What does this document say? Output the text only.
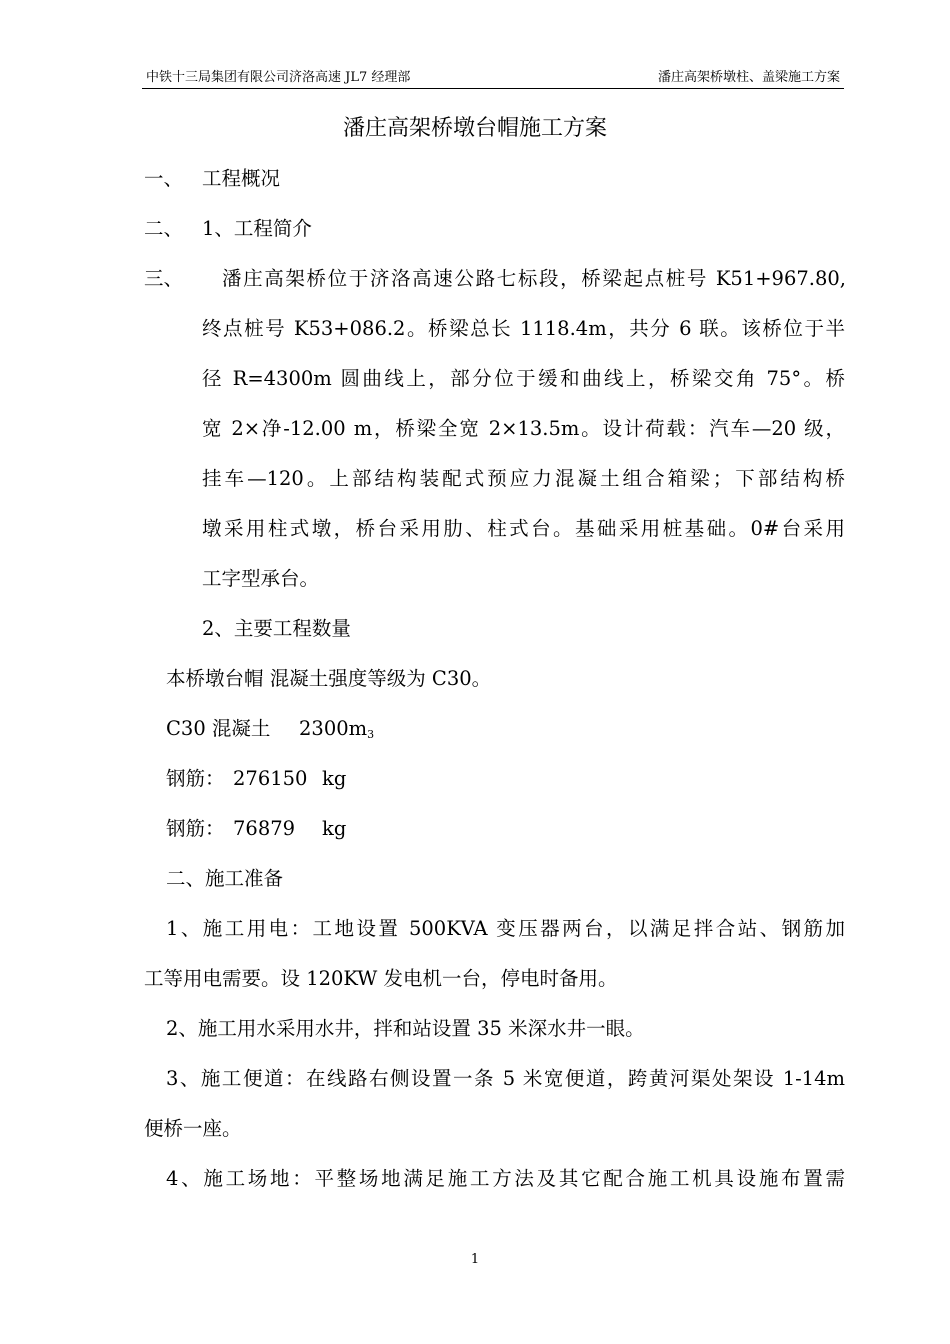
中铁十三局集团有限公司济洛高速 JL7 经理部	潘庄高架桥墩柱、盖梁施工方案
潘庄高架桥墩台帽施工方案
一、 工程概况
二、 1、工程简介
三、 潘庄高架桥位于济洛高速公路七标段，桥梁起点桩号 K51+967.80,
终点桩号 K53+086.2。桥梁总长 1118.4m，共分 6 联。该桥位于半
径 R=4300m 圆曲线上，部分位于缓和曲线上，桥梁交角 75°。桥
宽 2×净-12.00 m，桥梁全宽 2×13.5m。设计荷载：汽车—20 级，
挂车—120。上部结构装配式预应力混凝土组合箱梁；下部结构桥
墩采用柱式墩，桥台采用肋、柱式台。基础采用桩基础。0#台采用
工字型承台。
2、主要工程数量
本桥墩台帽 混凝土强度等级为 C30。
C30 混凝土 $2300m_3$
钢筋： 276150 kg
钢筋： 76879 kg
二、施工准备
1、施工用电：工地设置 500KVA 变压器两台，以满足拌合站、钢筋加
工等用电需要。设 120KW 发电机一台，停电时备用。
2、施工用水采用水井，拌和站设置 35 米深水井一眼。
3、施工便道：在线路右侧设置一条 5 米宽便道，跨黄河渠处架设 1-14m
便桥一座。
4、施工场地：平整场地满足施工方法及其它配合施工机具设施布置需
1
